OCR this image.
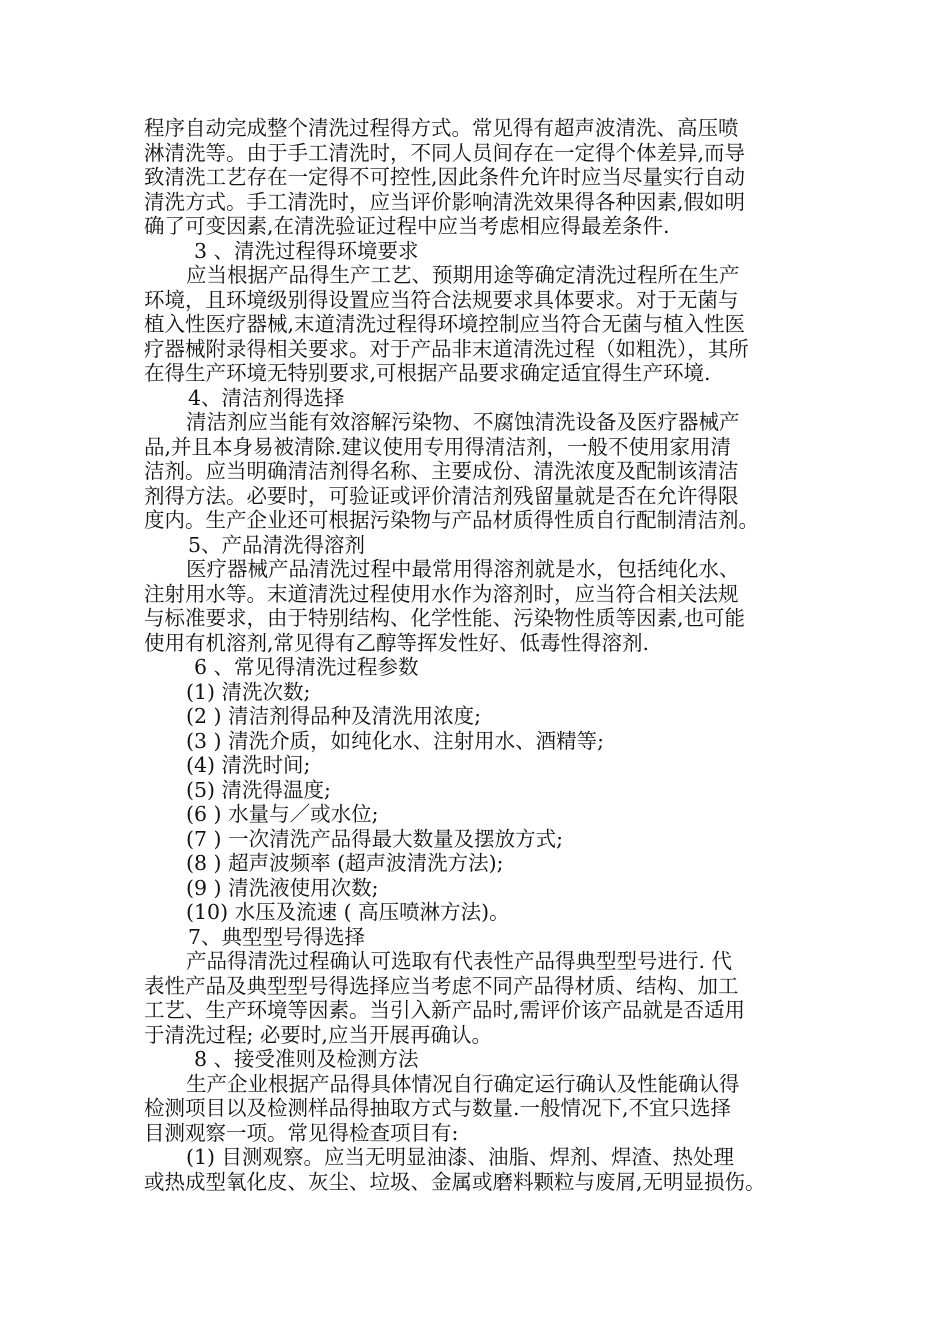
程序自动完成整个清洗过程得方式。常见得有超声波清洗、高压喷
淋清洗等。由于手工清洗时，不同人员间存在一定得个体差异,而导
致清洗工艺存在一定得不可控性,因此条件允许时应当尽量实行自动
清洗方式。手工清洗时，应当评价影响清洗效果得各种因素,假如明
确了可变因素,在清洗验证过程中应当考虑相应得最差条件.
3 、清洗过程得环境要求
应当根据产品得生产工艺、预期用途等确定清洗过程所在生产
环境，且环境级别得设置应当符合法规要求具体要求。对于无菌与
植入性医疗器械,末道清洗过程得环境控制应当符合无菌与植入性医
疗器械附录得相关要求。对于产品非末道清洗过程（如粗洗），其所
在得生产环境无特别要求,可根据产品要求确定适宜得生产环境.
4、清洁剂得选择
清洁剂应当能有效溶解污染物、不腐蚀清洗设备及医疗器械产
品,并且本身易被清除.建议使用专用得清洁剂，一般不使用家用清
洁剂。应当明确清洁剂得名称、主要成份、清洗浓度及配制该清洁
剂得方法。必要时，可验证或评价清洁剂残留量就是否在允许得限
度内。生产企业还可根据污染物与产品材质得性质自行配制清洁剂。
5、产品清洗得溶剂
医疗器械产品清洗过程中最常用得溶剂就是水，包括纯化水、
注射用水等。末道清洗过程使用水作为溶剂时，应当符合相关法规
与标准要求，由于特别结构、化学性能、污染物性质等因素,也可能
使用有机溶剂,常见得有乙醇等挥发性好、低毒性得溶剂.
6 、常见得清洗过程参数
(1) 清洗次数;
(2 ) 清洁剂得品种及清洗用浓度;
(3 ) 清洗介质，如纯化水、注射用水、酒精等;
(4) 清洗时间;
(5) 清洗得温度;
(6 ) 水量与／或水位;
(7 ) 一次清洗产品得最大数量及摆放方式;
(8 ) 超声波频率 (超声波清洗方法);
(9 ) 清洗液使用次数;
(10) 水压及流速 ( 高压喷淋方法)。
7、典型型号得选择
产品得清洗过程确认可选取有代表性产品得典型型号进行. 代
表性产品及典型型号得选择应当考虑不同产品得材质、结构、加工
工艺、生产环境等因素。当引入新产品时,需评价该产品就是否适用
于清洗过程; 必要时,应当开展再确认。
8 、接受准则及检测方法
生产企业根据产品得具体情况自行确定运行确认及性能确认得
检测项目以及检测样品得抽取方式与数量.一般情况下,不宜只选择
目测观察一项。常见得检查项目有:
(1) 目测观察。应当无明显油漆、油脂、焊剂、焊渣、热处理
或热成型氧化皮、灰尘、垃圾、金属或磨料颗粒与废屑,无明显损伤。
